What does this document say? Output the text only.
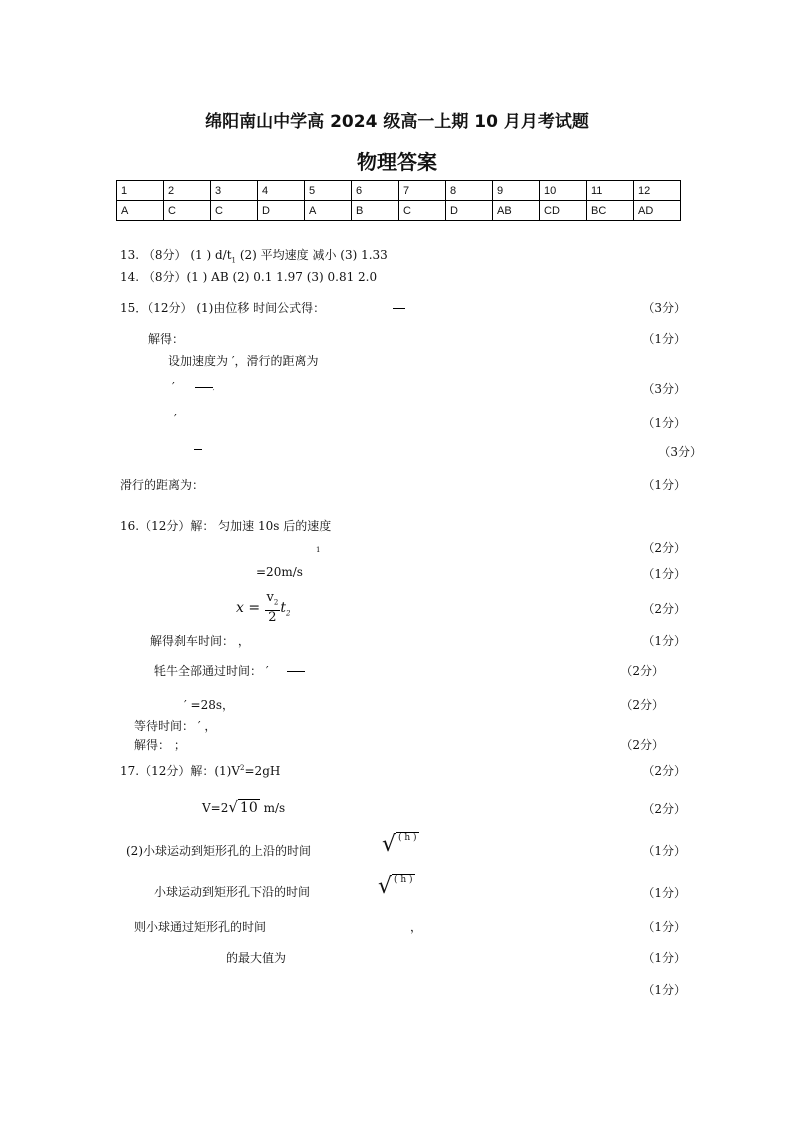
绵阳南山中学高 2024 级高一上期 10 月月考试题
物理答案
1	2	3	4	5	6	7	8	9	10	11	12
A	C	C	D	A	B	C	D	AB	CD	BC	AD
13. （8分） (1 ) $d/t_1$ (2) 平均速度 减小 (3) 1.33
14. （8分）(1 ) AB (2) 0.1 1.97 (3) 0.81 2.0
15．（12分） (1)由位移 时间公式得：	（3分）
解得：	（1分）
设加速度为 ′，滑行的距离为
′	$'$	（3分）
′	（1分）
（3分）
滑行的距离为：	（1分）
16.（12分）解： 匀加速 10s 后的速度
1	（2分）
=20m/s	（1分）
$x = \frac{v_2}{2} t_2$	（2分）
解得刹车时间： ，	（1分）
牦牛全部通过时间： ′	（2分）
′ =28s，	（2分）
等待时间： ′ ，
解得： ；	（2分）
17.（12分）解：$(1)V^2=2gH$	（2分）
V=2√ 10 m/s	（2分）
(2)小球运动到矩形孔的上沿的时间	√ ( h )
（1分）
小球运动到矩形孔下沿的时间	√ ( h )
（1分）
则小球通过矩形孔的时间	，	（1分）
的最大值为	（1分）
（1分）
